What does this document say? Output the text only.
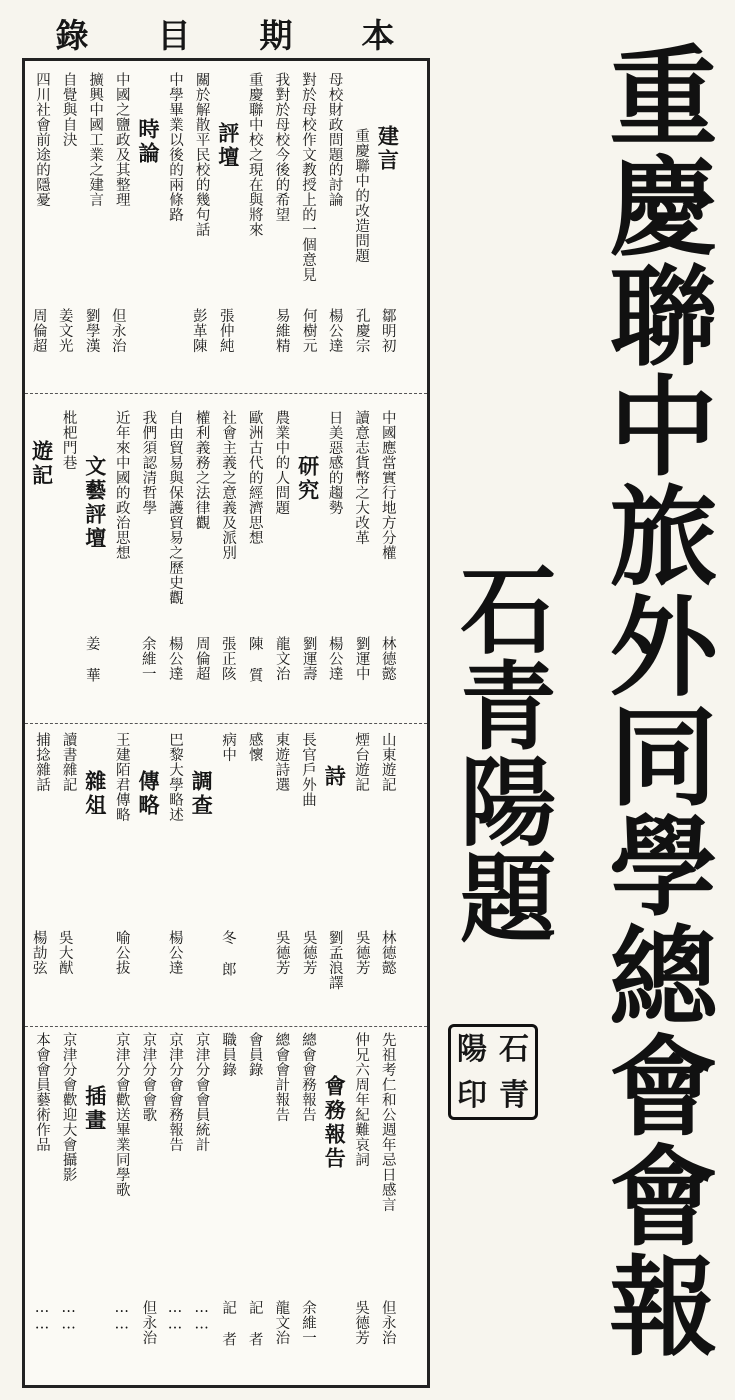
錄 目 期 本
建言
重慶聯中的改造問題
母校財政問題的討論
對於母校作文教授上的一個意見
我對於母校今後的希望
重慶聯中校之現在與將來
評壇
關於解散平民校的幾句話
中學畢業以後的兩條路
時論
中國之鹽政及其整理
擴興中國工業之建言
自覺與自決
四川社會前途的隱憂
鄒明初
孔慶宗
楊公達
何樹元
易維精
張仲純
彭革陳
但永治
劉學漢
姜文光
周倫超
中國應當實行地方分權
讀意志貨幣之大改革
日美惡感的趨勢
研究
農業中的人問題
歐洲古代的經濟思想
社會主義之意義及派別
權利義務之法律觀
自由貿易與保護貿易之歷史觀
我們須認清哲學
近年來中國的政治思想
文藝評壇
枇杷門巷
遊記
林德懿
劉運中
楊公達
劉運壽
龍文治
陳 質
張正陔
周倫超
楊公達
余維一
姜 華
山東遊記
煙台遊記
詩
長官戶外曲
東遊詩選
感懷
病中
調查
巴黎大學略述
傳略
王建陌君傳略
雜俎
讀書雜記
捕捻雜話
林德懿
吳德芳
劉孟浪譯
吳德芳
吳德芳
冬 郎
楊公達
喻公拔
吳大猷
楊劼弦
先祖考仁和公週年忌日感言
仲兄六周年紀難哀詞
會務報告
總會會務報告
總會會計報告
會員錄
職員錄
京津分會會員統計
京津分會會務報告
京津分會會歌
京津分會歡送畢業同學歌
插畫
京津分會歡迎大會攝影
本會會員藝術作品
但永治
吳德芳
余維一
龍文治
記 者
記 者
……
……
但永治
……
……
……	重慶聯中旅外同學總會會報
石青陽題
陽 石
印 青
